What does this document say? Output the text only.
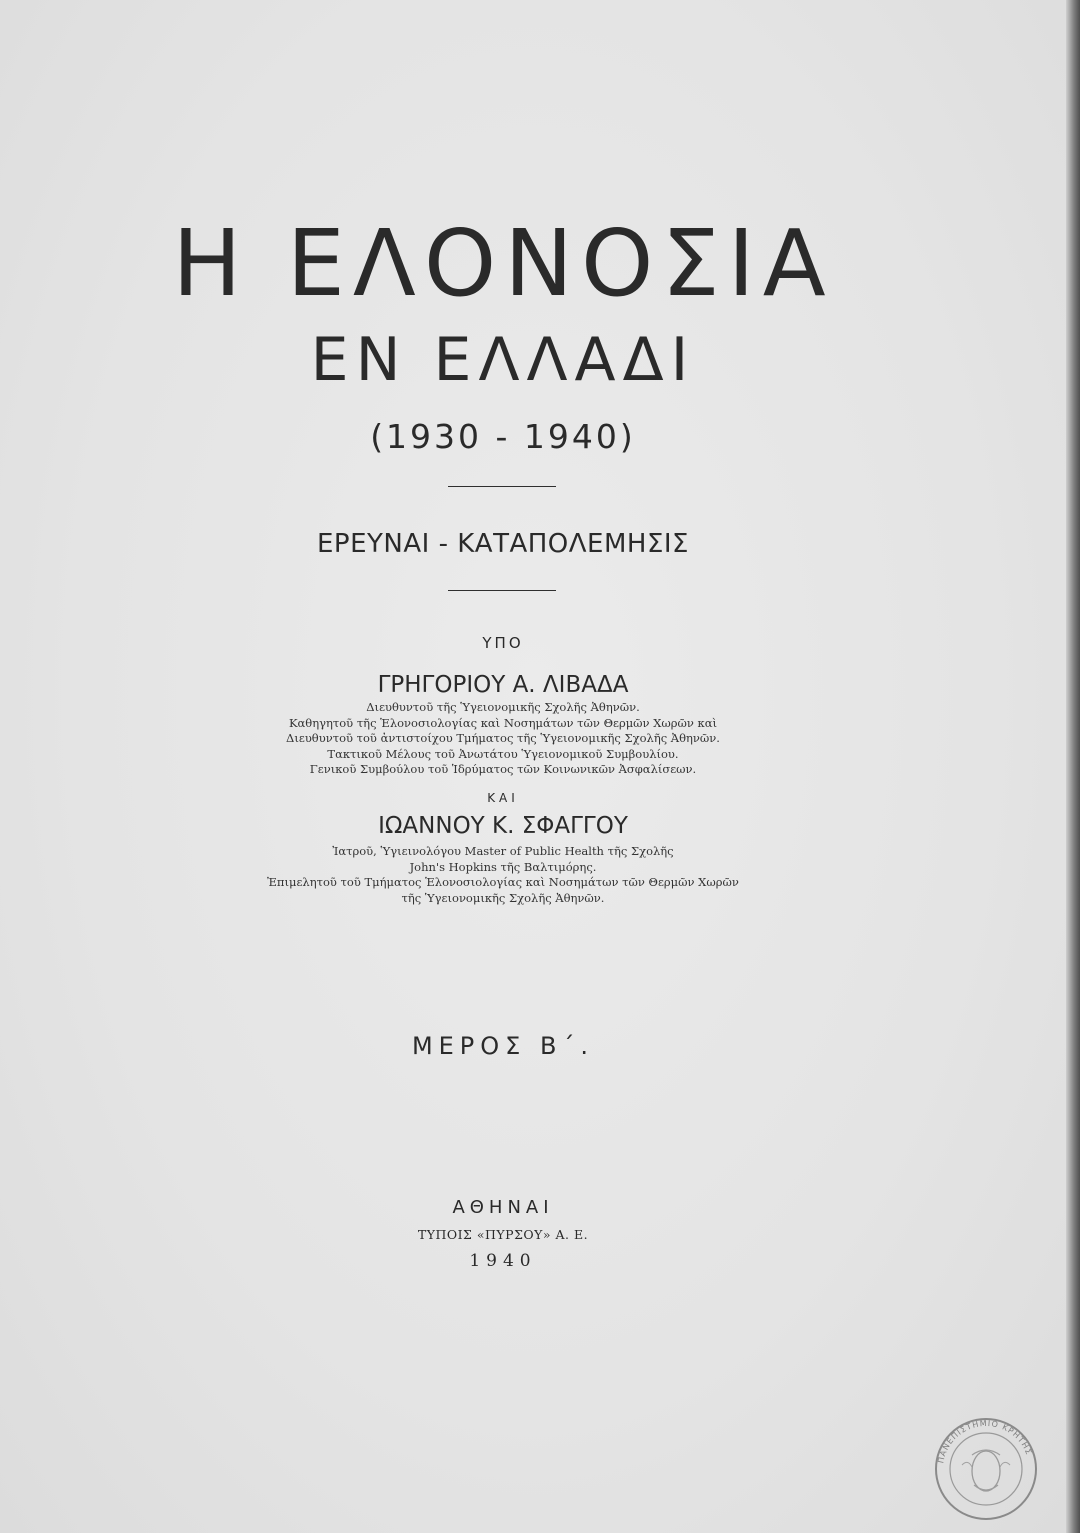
Η ΕΛΟΝΟΣΙΑ
ΕΝ ΕΛΛΑΔΙ
(1930 - 1940)
ΕΡΕΥΝΑΙ - ΚΑΤΑΠΟΛΕΜΗΣΙΣ
ΥΠΟ
ΓΡΗΓΟΡΙΟΥ Α. ΛΙΒΑΔΑ
Διευθυντοῦ τῆς Ὑγειονομικῆς Σχολῆς Ἀθηνῶν.
Καθηγητοῦ τῆς Ἑλονοσιολογίας καὶ Νοσημάτων τῶν Θερμῶν Χωρῶν καὶ
Διευθυντοῦ τοῦ ἀντιστοίχου Τμήματος τῆς Ὑγειονομικῆς Σχολῆς Ἀθηνῶν.
Τακτικοῦ Μέλους τοῦ Ἀνωτάτου Ὑγειονομικοῦ Συμβουλίου.
Γενικοῦ Συμβούλου τοῦ Ἱδρύματος τῶν Κοινωνικῶν Ἀσφαλίσεων.
ΚΑΙ
ΙΩΑΝΝΟΥ Κ. ΣΦΑΓΓΟΥ
Ἰατροῦ, Ὑγιεινολόγου Master of Public Health τῆς Σχολῆς
John's Hopkins τῆς Βαλτιμόρης.
Ἐπιμελητοῦ τοῦ Τμήματος Ἑλονοσιολογίας καὶ Νοσημάτων τῶν Θερμῶν Χωρῶν
τῆς Ὑγειονομικῆς Σχολῆς Ἀθηνῶν.
ΜΕΡΟΣ Β΄.
ΑΘΗΝΑΙ
ΤΥΠΟΙΣ «ΠΥΡΣΟΥ» Α. Ε.
1940
ΠΑΝΕΠΙΣΤΗΜΙΟ ΚΡΗΤΗΣ
